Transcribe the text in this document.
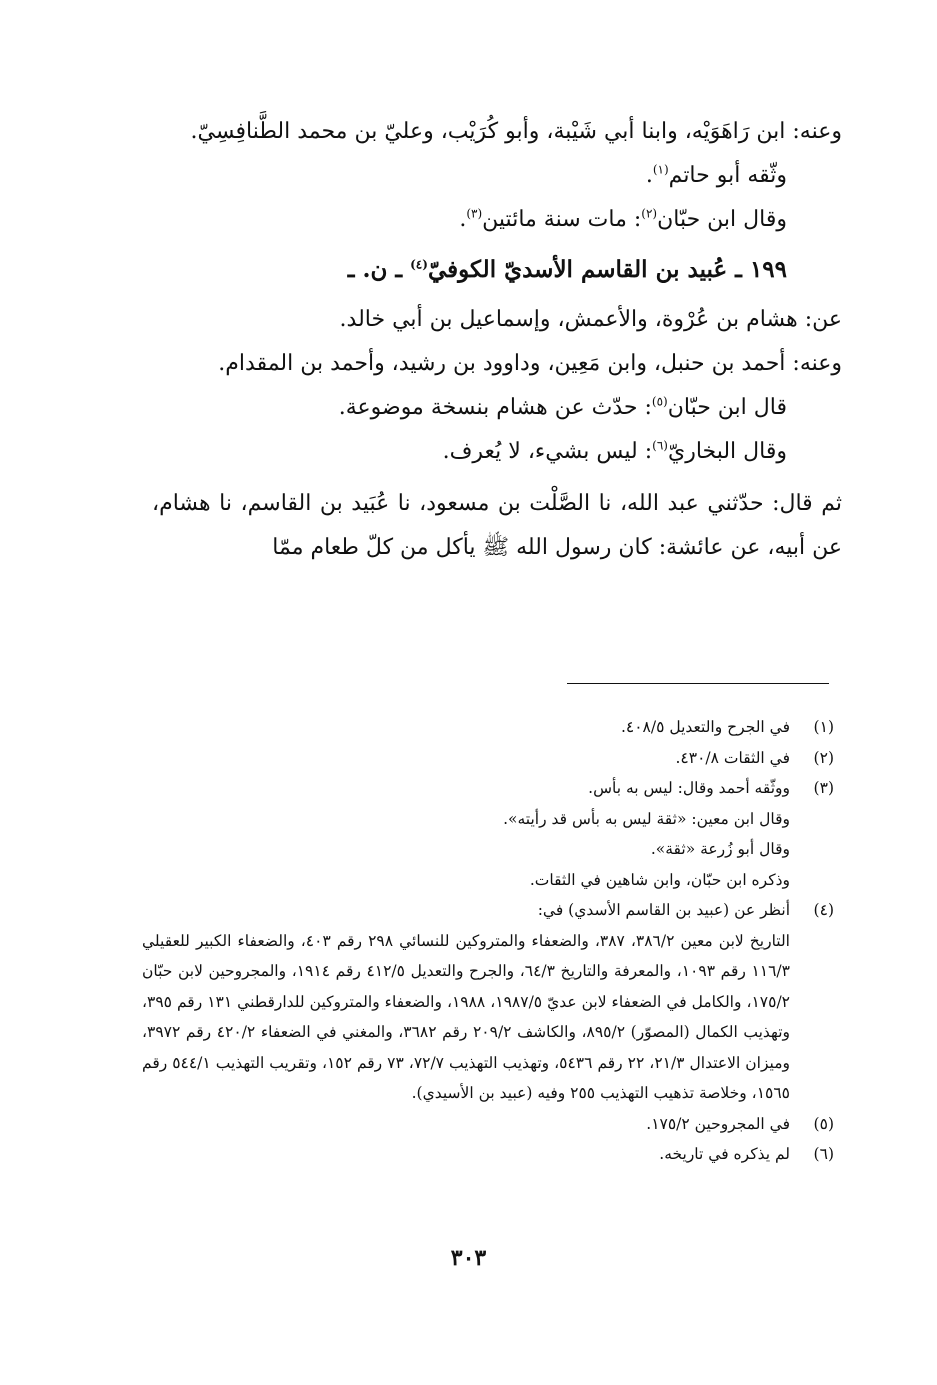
وعنه: ابن رَاهَوَيْه، وابنا أبي شَيْبة، وأبو كُرَيْب، وعليّ بن محمد الطَّنافِسِيّ.

وثّقه أبو حاتم$^{(١)}$.

وقال ابن حبّان$^{(٢)}$: مات سنة مائتين$^{(٣)}$.

١٩٩ ـ عُبيد بن القاسم الأسديّ الكوفيّ$^{(٤)}$ ـ ن. ـ

عن: هشام بن عُرْوة، والأعمش، وإسماعيل بن أبي خالد.

وعنه: أحمد بن حنبل، وابن مَعِين، وداوود بن رشيد، وأحمد بن المقدام.

قال ابن حبّان$^{(٥)}$: حدّث عن هشام بنسخة موضوعة.

وقال البخاريّ$^{(٦)}$: ليس بشيء، لا يُعرف.

ثم قال: حدّثني عبد الله، نا الصَّلْت بن مسعود، نا عُبَيد بن القاسم، نا هشام، عن أبيه، عن عائشة: كان رسول الله ﷺ يأكل من كلّ طعام ممّا

(١)
في الجرح والتعديل ٤٠٨/٥.
(٢)
في الثقات ٤٣٠/٨.
(٣)
ووثّقه أحمد وقال: ليس به بأس.
وقال ابن معين: «ثقة ليس به بأس قد رأيته».
وقال أبو زُرعة «ثقة».
وذكره ابن حبّان، وابن شاهين في الثقات.
(٤)
أنظر عن (عبيد بن القاسم الأسدي) في:
التاريخ لابن معين ٣٨٦/٢، ٣٨٧، والضعفاء والمتروكين للنسائي ٢٩٨ رقم ٤٠٣، والضعفاء الكبير للعقيلي ١١٦/٣ رقم ١٠٩٣، والمعرفة والتاريخ ٦٤/٣، والجرح والتعديل ٤١٢/٥ رقم ١٩١٤، والمجروحين لابن حبّان ١٧٥/٢، والكامل في الضعفاء لابن عديّ ١٩٨٧/٥، ١٩٨٨، والضعفاء والمتروكين للدارقطني ١٣١ رقم ٣٩٥، وتهذيب الكمال (المصوّر) ٨٩٥/٢، والكاشف ٢٠٩/٢ رقم ٣٦٨٢، والمغني في الضعفاء ٤٢٠/٢ رقم ٣٩٧٢، وميزان الاعتدال ٢١/٣، ٢٢ رقم ٥٤٣٦، وتهذيب التهذيب ٧٢/٧، ٧٣ رقم ١٥٢، وتقريب التهذيب ٥٤٤/١ رقم ١٥٦٥، وخلاصة تذهيب التهذيب ٢٥٥ وفيه (عبيد بن الأسيدي).
(٥)
في المجروحين ١٧٥/٢.
(٦)
لم يذكره في تاريخه.
٣٠٣
